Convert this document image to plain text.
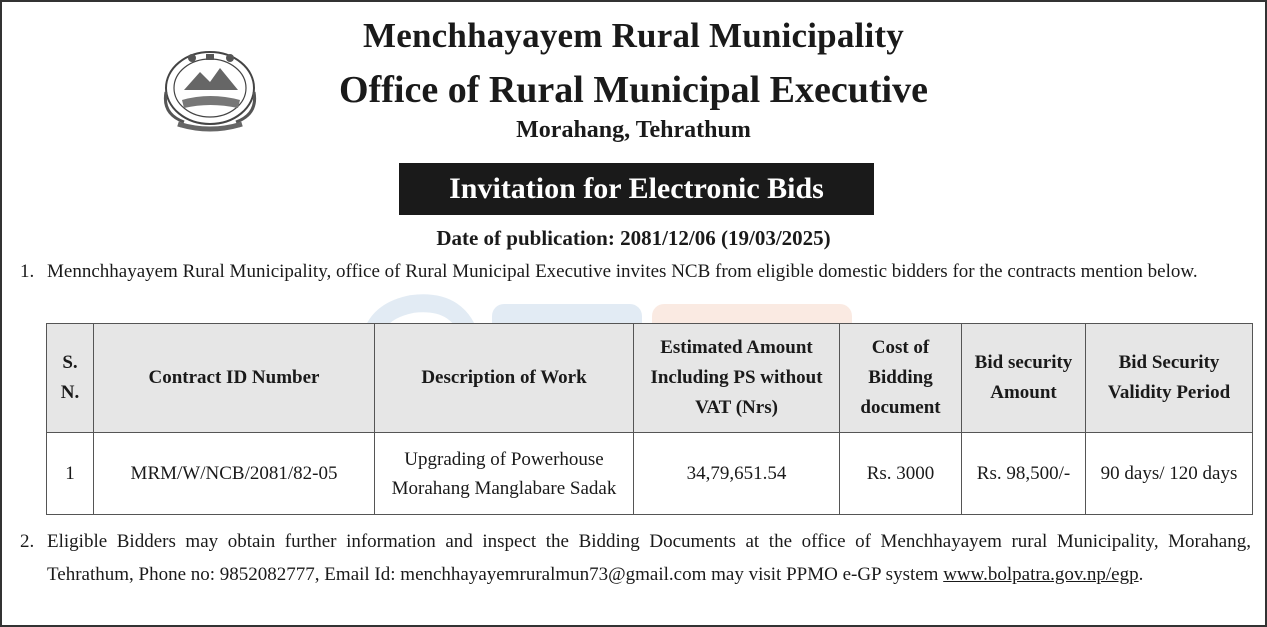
Menchhayayem Rural Municipality
Office of Rural Municipal Executive
Morahang, Tehrathum
Invitation for Electronic Bids
Date of publication: 2081/12/06 (19/03/2025)
1. Mennchhayayem Rural Municipality, office of Rural Municipal Executive invites NCB from eligible domestic bidders for the contracts mention below.
S. N.	Contract ID Number	Description of Work	Estimated Amount Including PS without VAT (Nrs)	Cost of Bidding document	Bid security Amount	Bid Security Validity Period
1	MRM/W/NCB/2081/82-05	Upgrading of Powerhouse Morahang Manglabare Sadak	34,79,651.54	Rs. 3000	Rs. 98,500/-	90 days/ 120 days
2. Eligible Bidders may obtain further information and inspect the Bidding Documents at the office of Menchhayayem rural Municipality, Morahang, Tehrathum, Phone no: 9852082777, Email Id: menchhayayemruralmun73@gmail.com may visit PPMO e-GP system www.bolpatra.gov.np/egp.
